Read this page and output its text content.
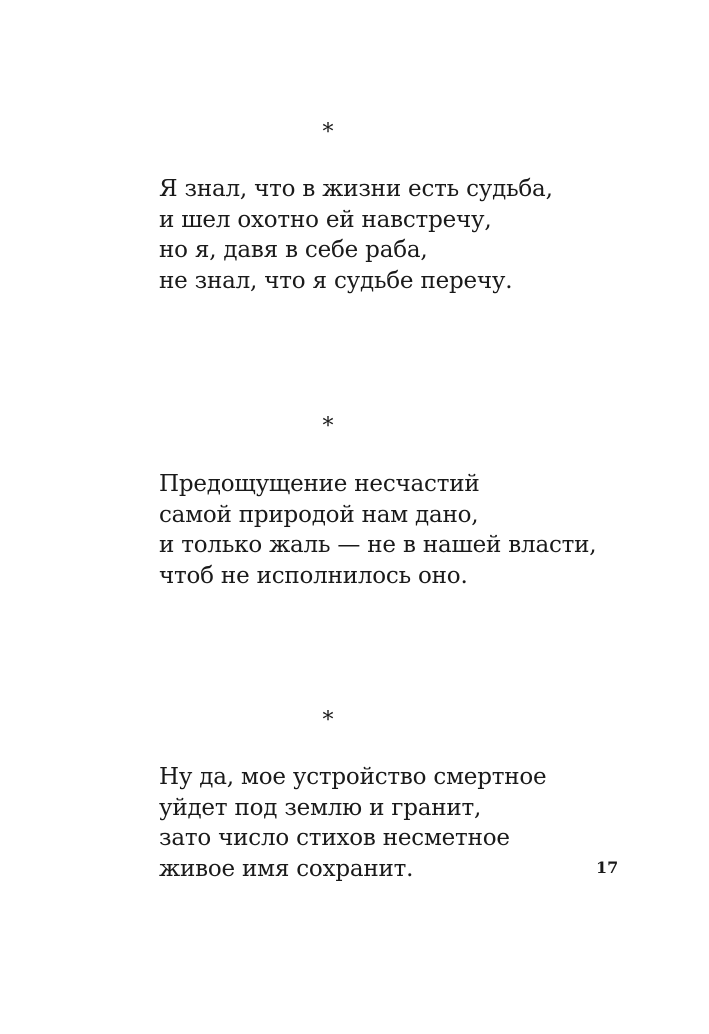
*
Я знал, что в жизни есть судьба,
и шел охотно ей навстречу,
но я, давя в себе раба,
не знал, что я судьбе перечу.
*
Предощущение несчастий
самой природой нам дано,
и только жаль — не в нашей власти,
чтоб не исполнилось оно.
*
Ну да, мое устройство смертное
уйдет под землю и гранит,
зато число стихов несметное
живое имя сохранит.	17
